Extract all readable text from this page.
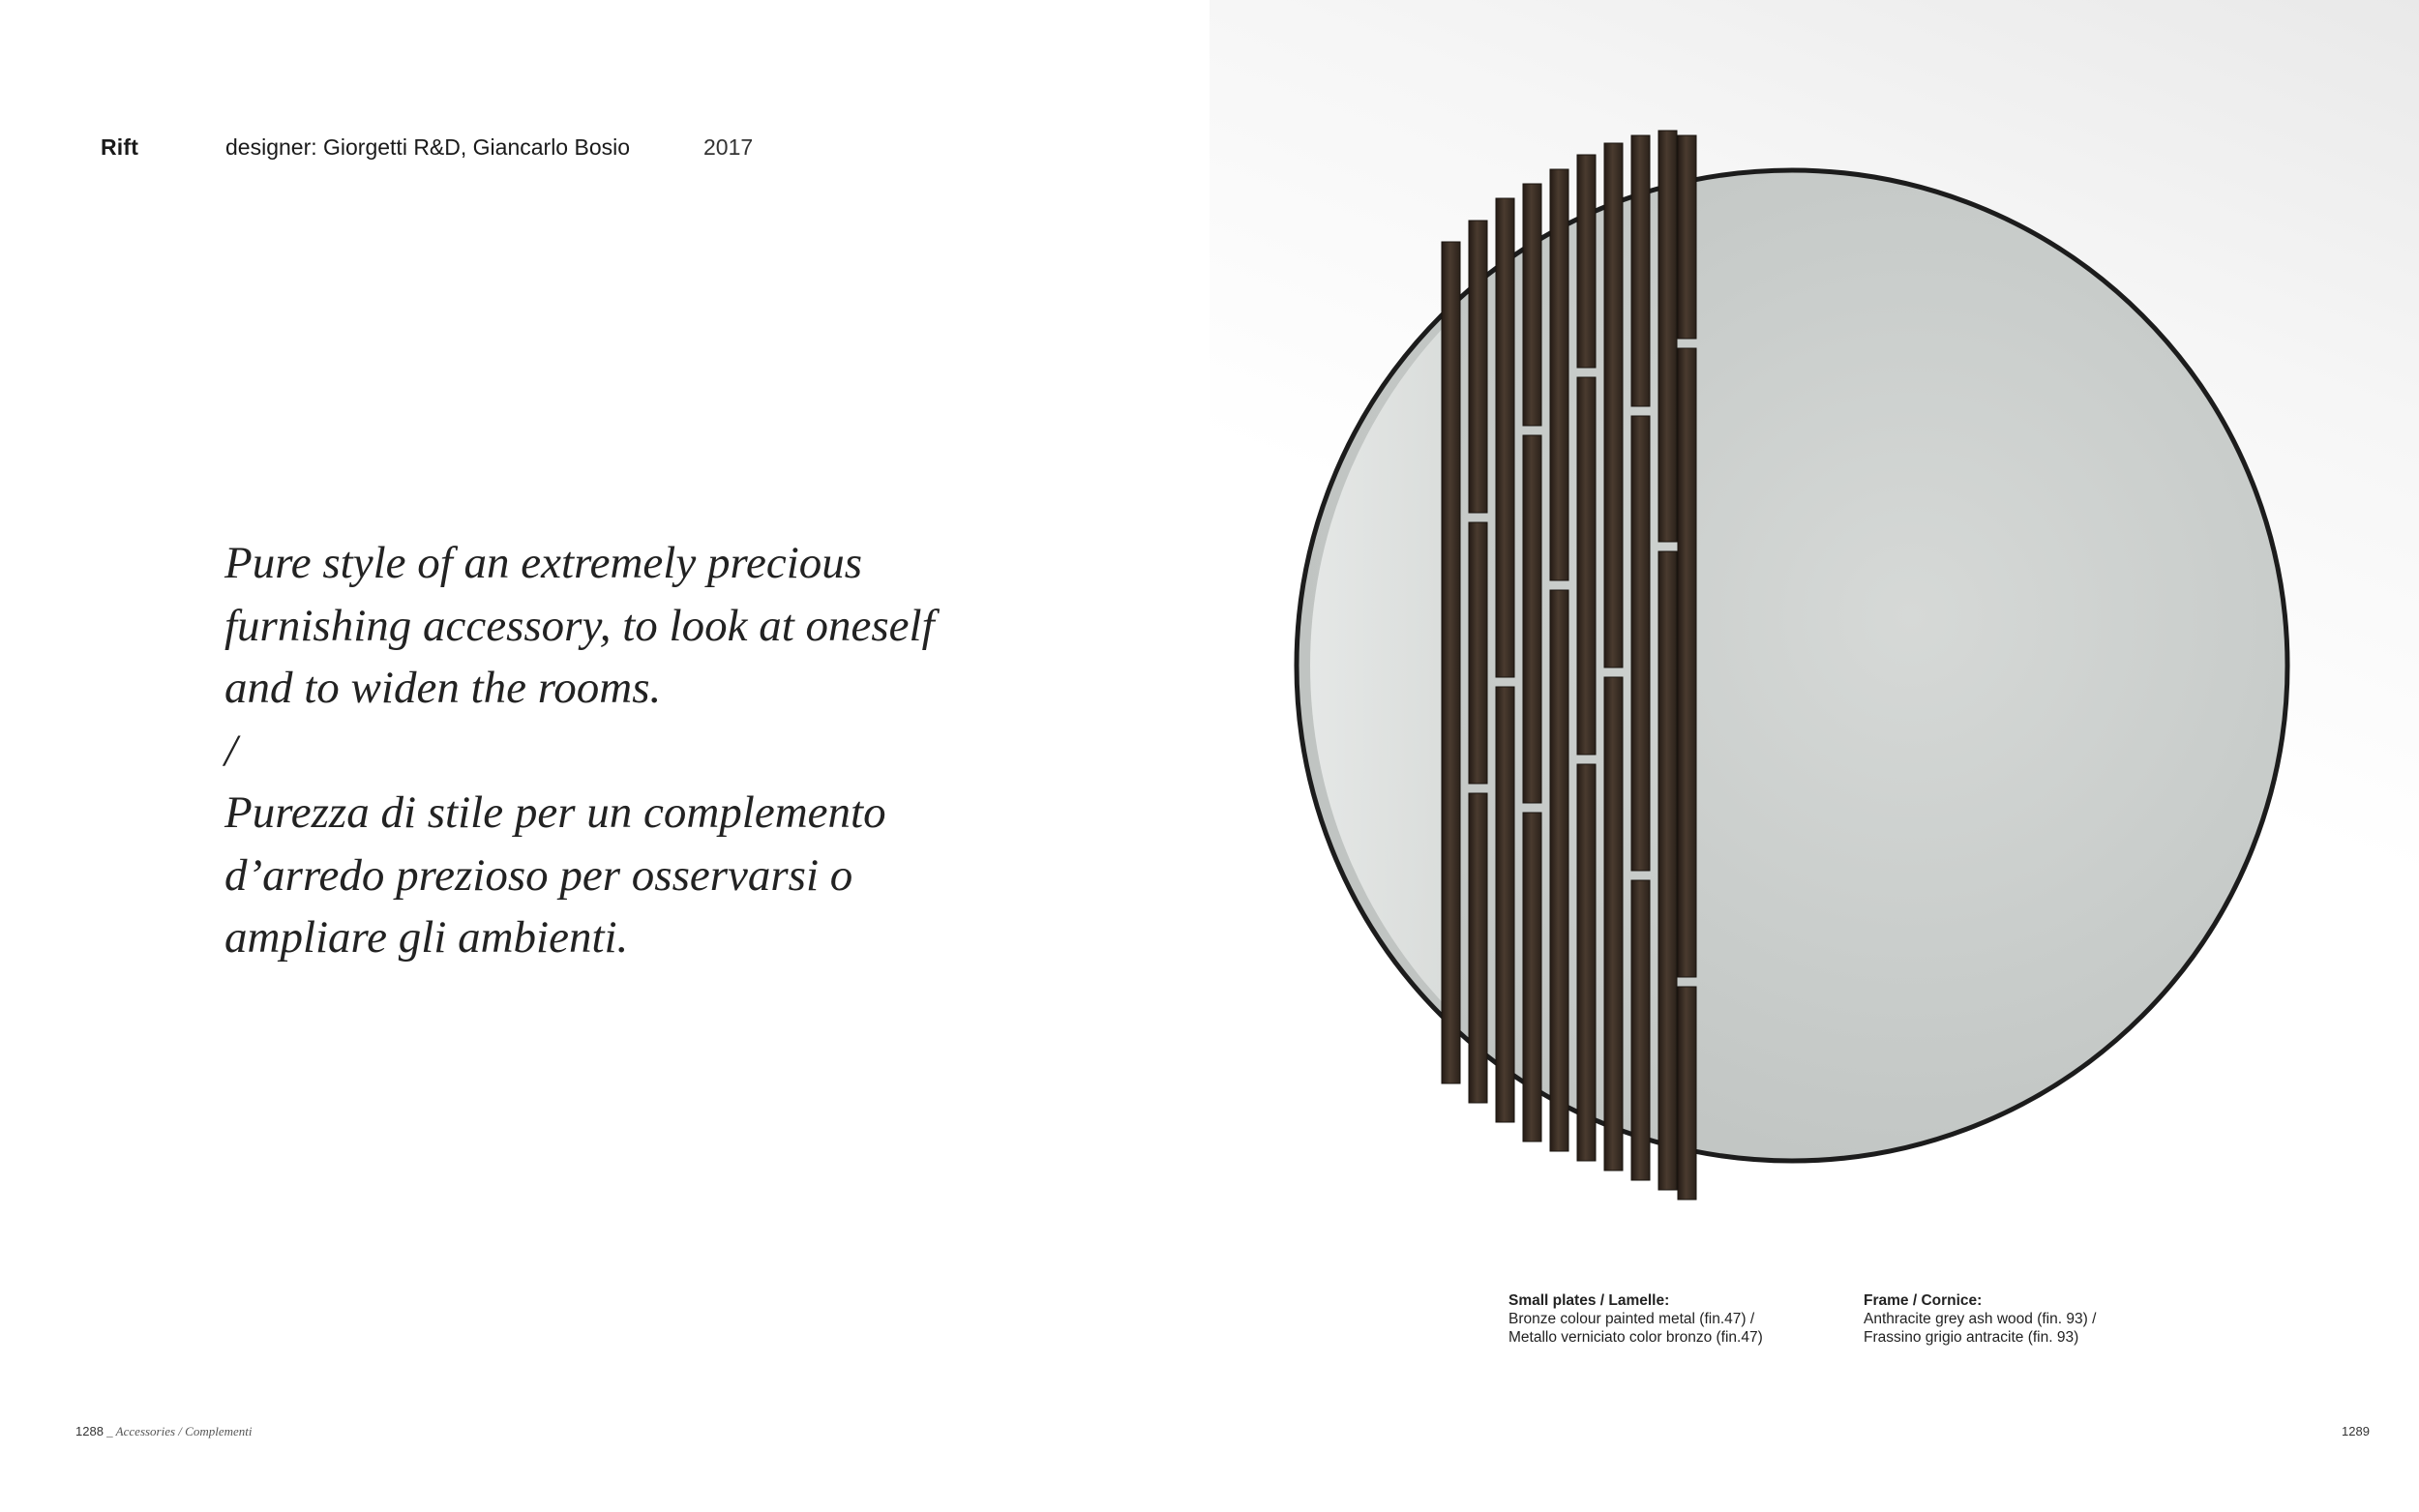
Rift	designer: Giorgetti R&D, Giancarlo Bosio	2017
Pure style of an extremely precious
furnishing accessory, to look at oneself
and to widen the rooms.
/
Purezza di stile per un complemento
d’arredo prezioso per osservarsi o
ampliare gli ambienti.
1288 _ Accessories / Complementi	1289
Small plates / Lamelle:
Bronze colour painted metal (fin.47) /
Metallo verniciato color bronzo (fin.47)
Frame / Cornice:
Anthracite grey ash wood (fin. 93) /
Frassino grigio antracite (fin. 93)
